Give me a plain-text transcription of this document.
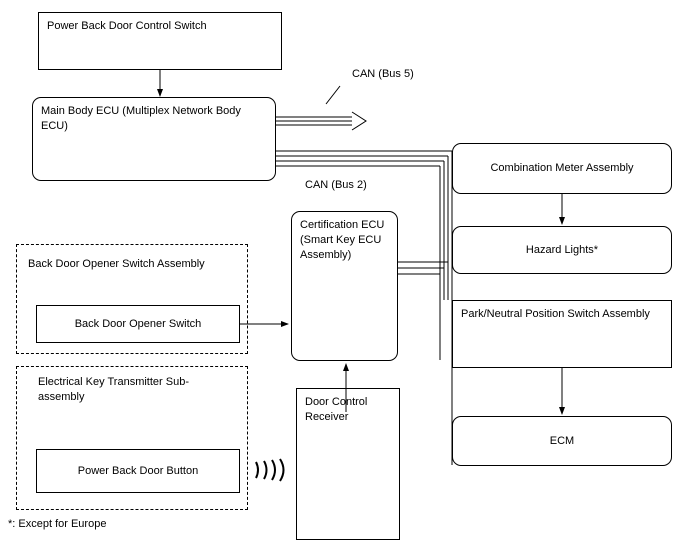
Power Back Door Control Switch
Main Body ECU (Multiplex Network Body ECU)
Certification ECU (Smart Key ECU Assembly)
Door Control Receiver
Back Door Opener Switch Assembly
Back Door Opener Switch
Electrical Key Transmitter Sub-assembly
Power Back Door Button
Combination Meter Assembly
Hazard Lights*
Park/Neutral Position Switch Assembly
ECM
CAN (Bus 5)
CAN (Bus 2)
*: Except for Europe
